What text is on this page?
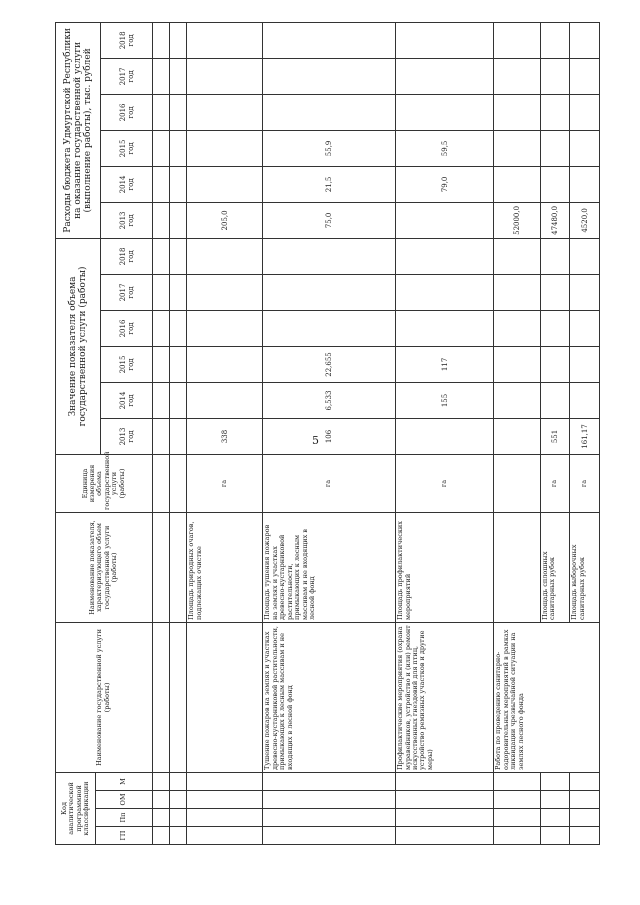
5
Код аналитической программной классификации				Наименование государственной услуги (работы)	Наименование показателя, характеризующего объем государственной услуги (работы)	Единица измерения объема государственной услуги (работы)	Значение показателя объема государственной услуги (работы)						Расходы бюджета Удмуртской Республики на оказание государственной услуги (выполнение работы), тыс. рублей					
ГП	Пп	ОМ	М															
							2013 год	2014 год	2015 год	2016 год	2017 год	2018 год	2013 год	2014 год	2015 год	2016 год	2017 год	2018 год

					Площадь природных очагов, подлежащих очистке	га	338						205,0					
				Тушение пожаров на землях и участках древесно-кустарниковой растительности, примыкающих к лесным массивам и не входящих в лесной фонд	Площадь тушения пожаров на землях и участках древесно-кустарниковой растительности, примыкающих к лесным массивам и не входящих в лесной фонд	га	106	6,533	22,655				75,0	21,5	55,9			
				Профилактические мероприятия (охрана муравейников, устройство и (или) ремонт искусственных гнездовий для птиц, устройство ремизных участков и другие меры)	Площадь профилактических мероприятий	га		155	117					79,0	59,5			
				Работа по проведению санитарно-оздоровительных мероприятий в рамках ликвидации чрезвычайной ситуации на землях лесного фонда									52000,0					
					Площадь сплошных санитарных рубок	га	551						47480,0					
					Площадь выборочных санитарных рубок	га	161,17						4520,0					
